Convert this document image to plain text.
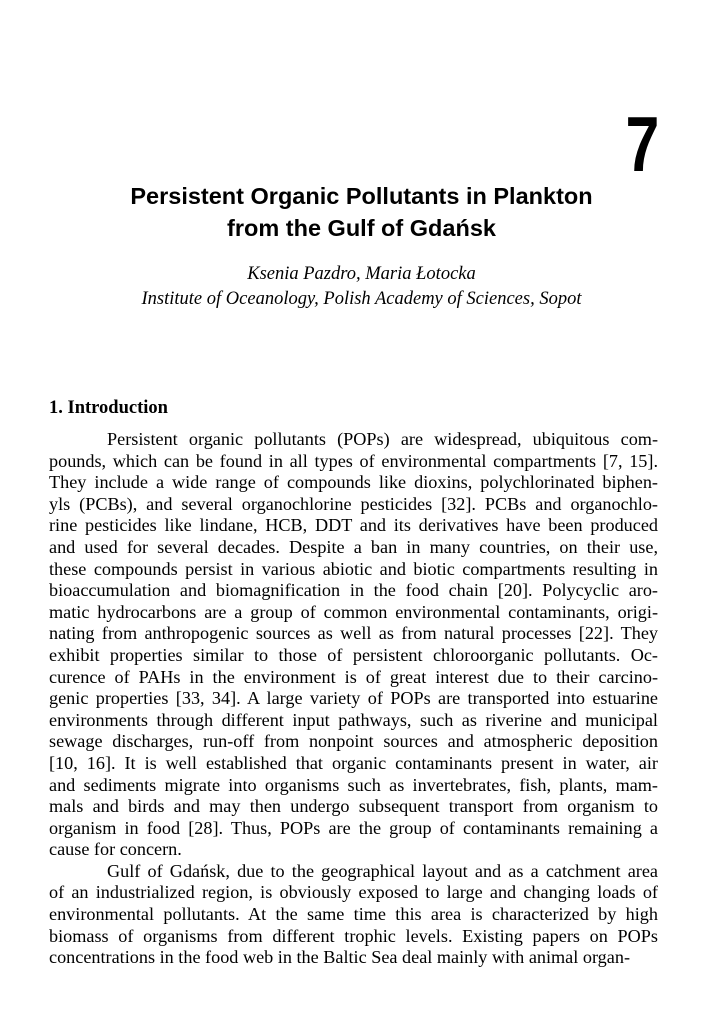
7
Persistent Organic Pollutants in Plankton
from the Gulf of Gdańsk
Ksenia Pazdro, Maria Łotocka
Institute of Oceanology, Polish Academy of Sciences, Sopot
1. Introduction
Persistent organic pollutants (POPs) are widespread, ubiquitous com-
pounds, which can be found in all types of environmental compartments [7, 15].
They include a wide range of compounds like dioxins, polychlorinated biphen-
yls (PCBs), and several organochlorine pesticides [32]. PCBs and organochlo-
rine pesticides like lindane, HCB, DDT and its derivatives have been produced
and used for several decades. Despite a ban in many countries, on their use,
these compounds persist in various abiotic and biotic compartments resulting in
bioaccumulation and biomagnification in the food chain [20]. Polycyclic aro-
matic hydrocarbons are a group of common environmental contaminants, origi-
nating from anthropogenic sources as well as from natural processes [22]. They
exhibit properties similar to those of persistent chloroorganic pollutants. Oc-
curence of PAHs in the environment is of great interest due to their carcino-
genic properties [33, 34]. A large variety of POPs are transported into estuarine
environments through different input pathways, such as riverine and municipal
sewage discharges, run-off from nonpoint sources and atmospheric deposition
[10, 16]. It is well established that organic contaminants present in water, air
and sediments migrate into organisms such as invertebrates, fish, plants, mam-
mals and birds and may then undergo subsequent transport from organism to
organism in food [28]. Thus, POPs are the group of contaminants remaining a
cause for concern.
Gulf of Gdańsk, due to the geographical layout and as a catchment area
of an industrialized region, is obviously exposed to large and changing loads of
environmental pollutants. At the same time this area is characterized by high
biomass of organisms from different trophic levels. Existing papers on POPs
concentrations in the food web in the Baltic Sea deal mainly with animal organ-
